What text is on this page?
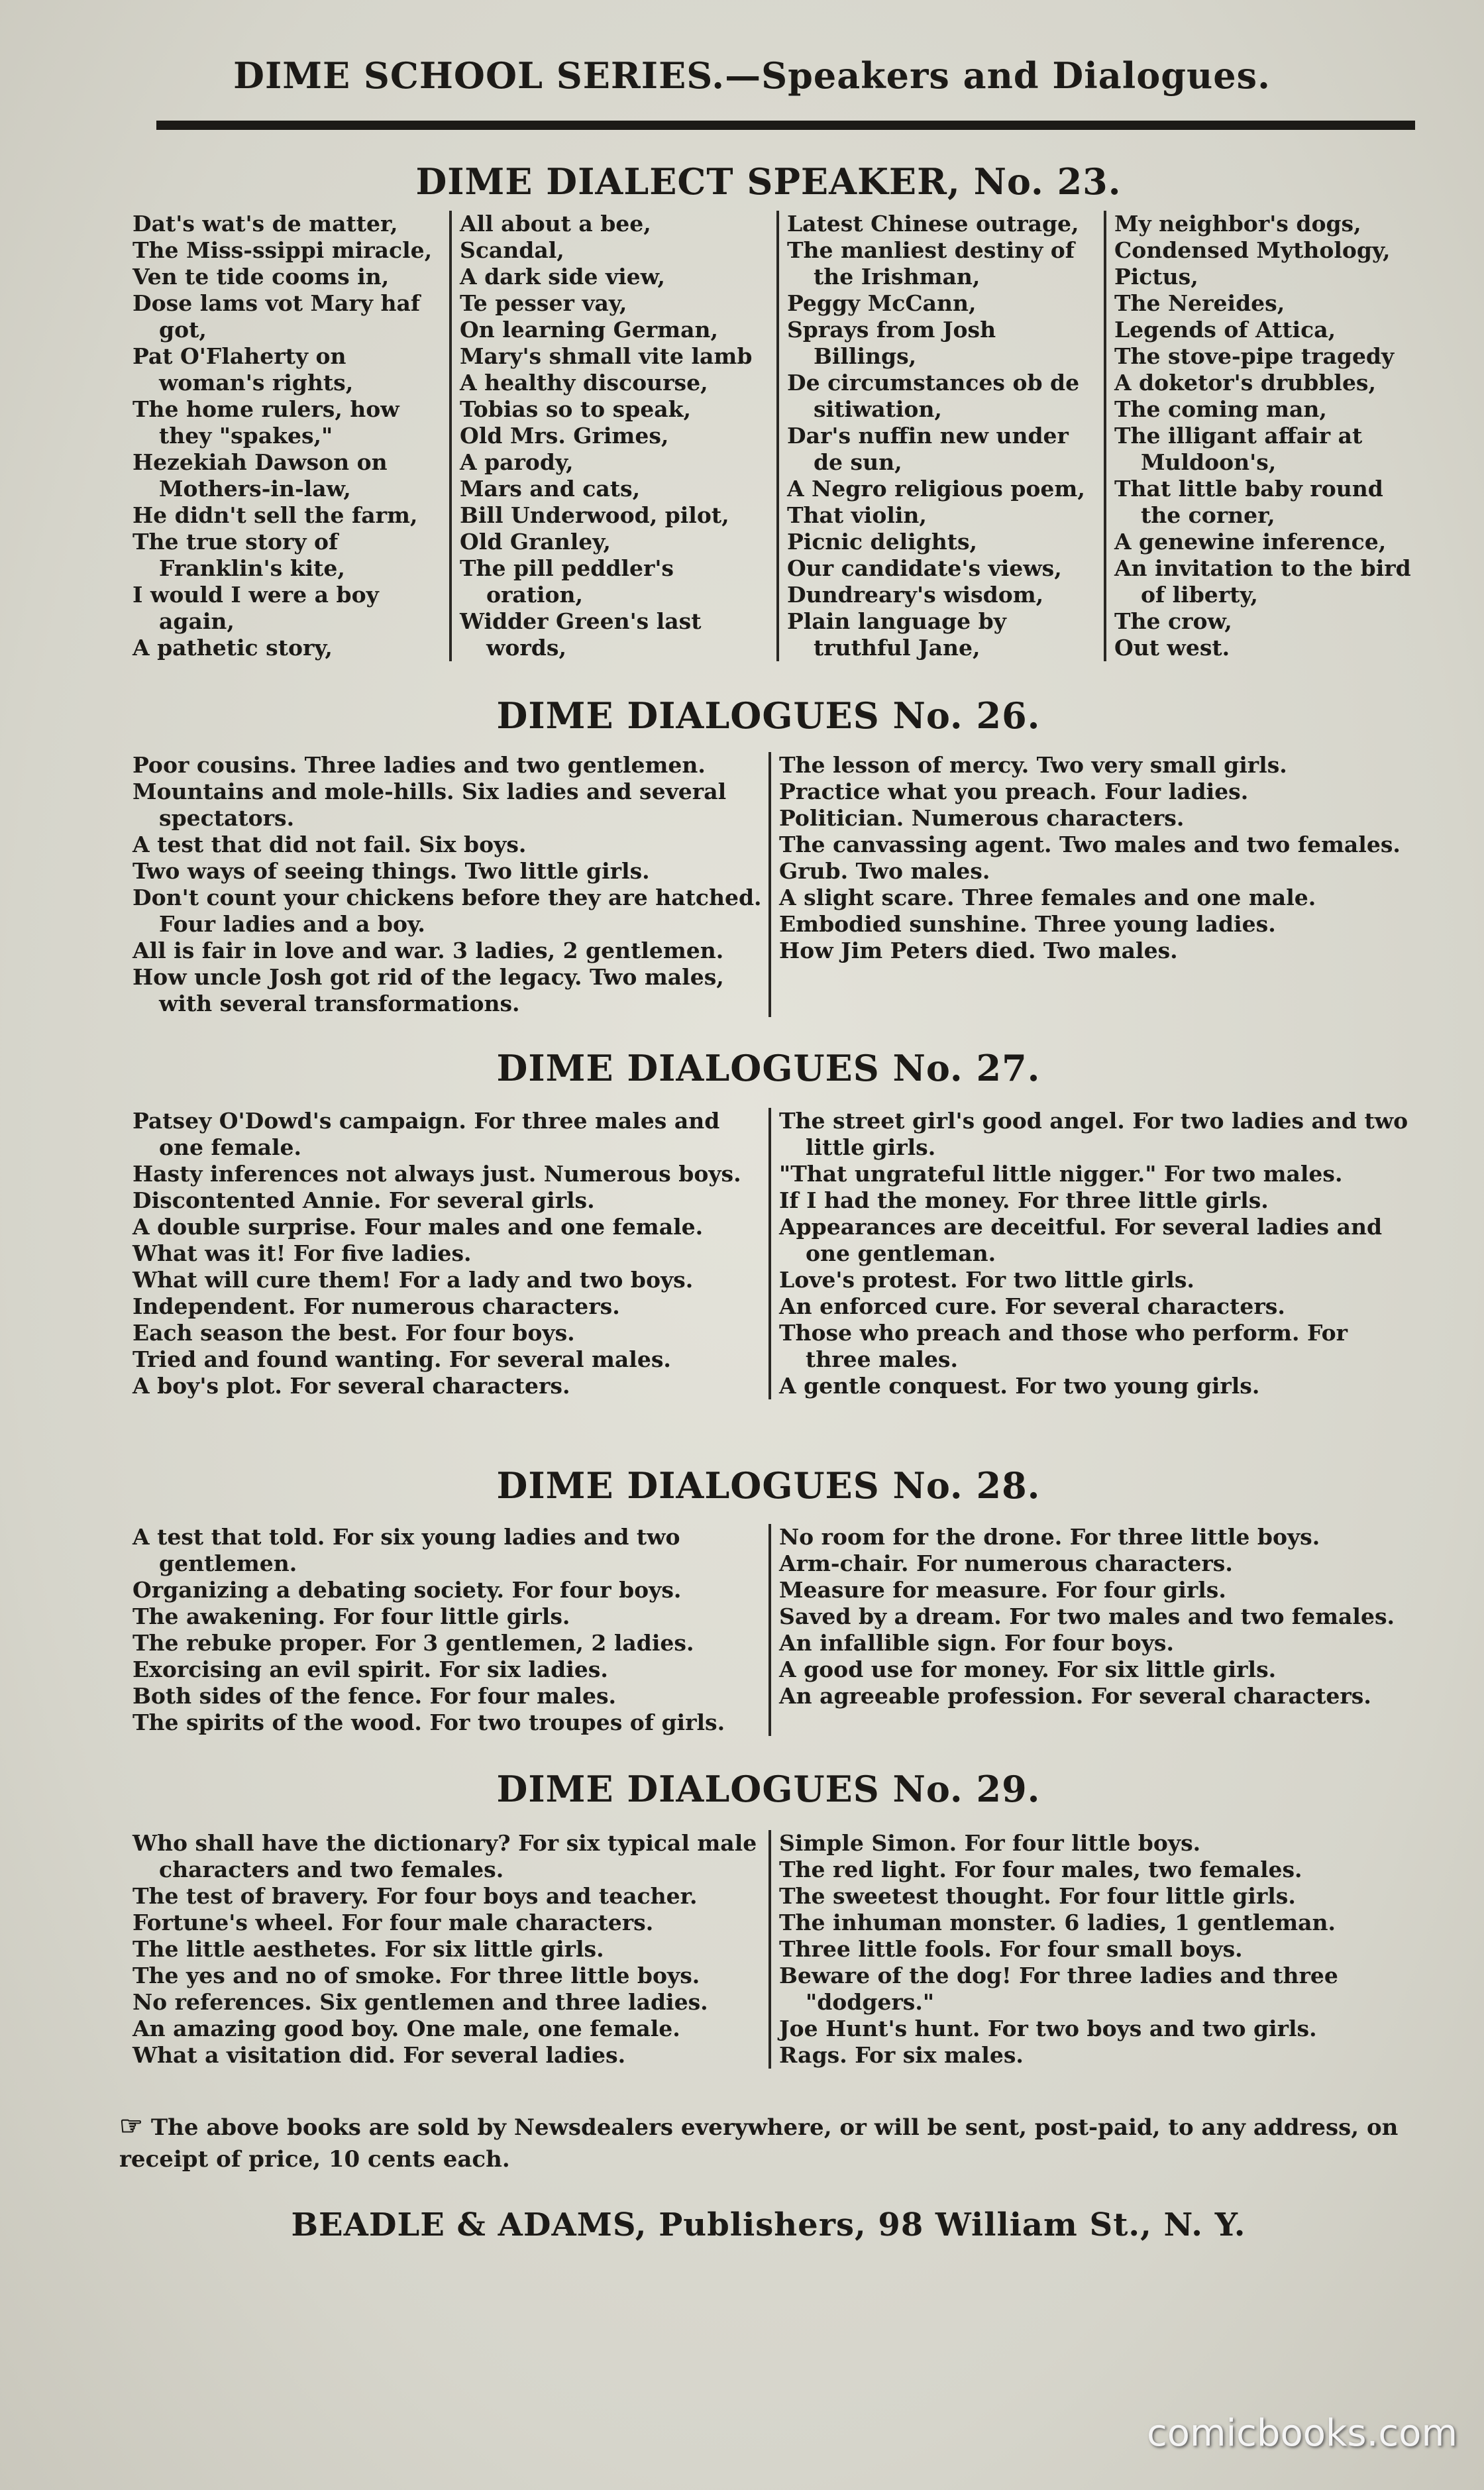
DIME SCHOOL SERIES.—Speakers and Dialogues.
DIME DIALECT SPEAKER, No. 23.
Dat's wat's de matter,
The Miss-ssippi miracle,
Ven te tide cooms in,
Dose lams vot Mary haf got,
Pat O'Flaherty on woman's rights,
The home rulers, how they "spakes,"
Hezekiah Dawson on Mothers-in-law,
He didn't sell the farm,
The true story of Franklin's kite,
I would I were a boy again,
A pathetic story,
All about a bee,
Scandal,
A dark side view,
Te pesser vay,
On learning German,
Mary's shmall vite lamb
A healthy discourse,
Tobias so to speak,
Old Mrs. Grimes,
A parody,
Mars and cats,
Bill Underwood, pilot,
Old Granley,
The pill peddler's oration,
Widder Green's last words,
Latest Chinese outrage,
The manliest destiny of the Irishman,
Peggy McCann,
Sprays from Josh Billings,
De circumstances ob de sitiwation,
Dar's nuffin new under de sun,
A Negro religious poem,
That violin,
Picnic delights,
Our candidate's views,
Dundreary's wisdom,
Plain language by truthful Jane,
My neighbor's dogs,
Condensed Mythology,
Pictus,
The Nereides,
Legends of Attica,
The stove-pipe tragedy
A doketor's drubbles,
The coming man,
The illigant affair at Muldoon's,
That little baby round the corner,
A genewine inference,
An invitation to the bird of liberty,
The crow,
Out west.
DIME DIALOGUES No. 26.
Poor cousins. Three ladies and two gentlemen.
Mountains and mole-hills. Six ladies and several spectators.
A test that did not fail. Six boys.
Two ways of seeing things. Two little girls.
Don't count your chickens before they are hatched. Four ladies and a boy.
All is fair in love and war. 3 ladies, 2 gentlemen.
How uncle Josh got rid of the legacy. Two males, with several transformations.
The lesson of mercy. Two very small girls.
Practice what you preach. Four ladies.
Politician. Numerous characters.
The canvassing agent. Two males and two females.
Grub. Two males.
A slight scare. Three females and one male.
Embodied sunshine. Three young ladies.
How Jim Peters died. Two males.
DIME DIALOGUES No. 27.
Patsey O'Dowd's campaign. For three males and one female.
Hasty inferences not always just. Numerous boys.
Discontented Annie. For several girls.
A double surprise. Four males and one female.
What was it! For five ladies.
What will cure them! For a lady and two boys.
Independent. For numerous characters.
Each season the best. For four boys.
Tried and found wanting. For several males.
A boy's plot. For several characters.
The street girl's good angel. For two ladies and two little girls.
"That ungrateful little nigger." For two males.
If I had the money. For three little girls.
Appearances are deceitful. For several ladies and one gentleman.
Love's protest. For two little girls.
An enforced cure. For several characters.
Those who preach and those who perform. For three males.
A gentle conquest. For two young girls.
DIME DIALOGUES No. 28.
A test that told. For six young ladies and two gentlemen.
Organizing a debating society. For four boys.
The awakening. For four little girls.
The rebuke proper. For 3 gentlemen, 2 ladies.
Exorcising an evil spirit. For six ladies.
Both sides of the fence. For four males.
The spirits of the wood. For two troupes of girls.
No room for the drone. For three little boys.
Arm-chair. For numerous characters.
Measure for measure. For four girls.
Saved by a dream. For two males and two females.
An infallible sign. For four boys.
A good use for money. For six little girls.
An agreeable profession. For several characters.
DIME DIALOGUES No. 29.
Who shall have the dictionary? For six typical male characters and two females.
The test of bravery. For four boys and teacher.
Fortune's wheel. For four male characters.
The little aesthetes. For six little girls.
The yes and no of smoke. For three little boys.
No references. Six gentlemen and three ladies.
An amazing good boy. One male, one female.
What a visitation did. For several ladies.
Simple Simon. For four little boys.
The red light. For four males, two females.
The sweetest thought. For four little girls.
The inhuman monster. 6 ladies, 1 gentleman.
Three little fools. For four small boys.
Beware of the dog! For three ladies and three "dodgers."
Joe Hunt's hunt. For two boys and two girls.
Rags. For six males.
☞ The above books are sold by Newsdealers everywhere, or will be sent, post-paid, to any address, on receipt of price, 10 cents each.
BEADLE & ADAMS, Publishers, 98 William St., N. Y.
comicbooks.com
